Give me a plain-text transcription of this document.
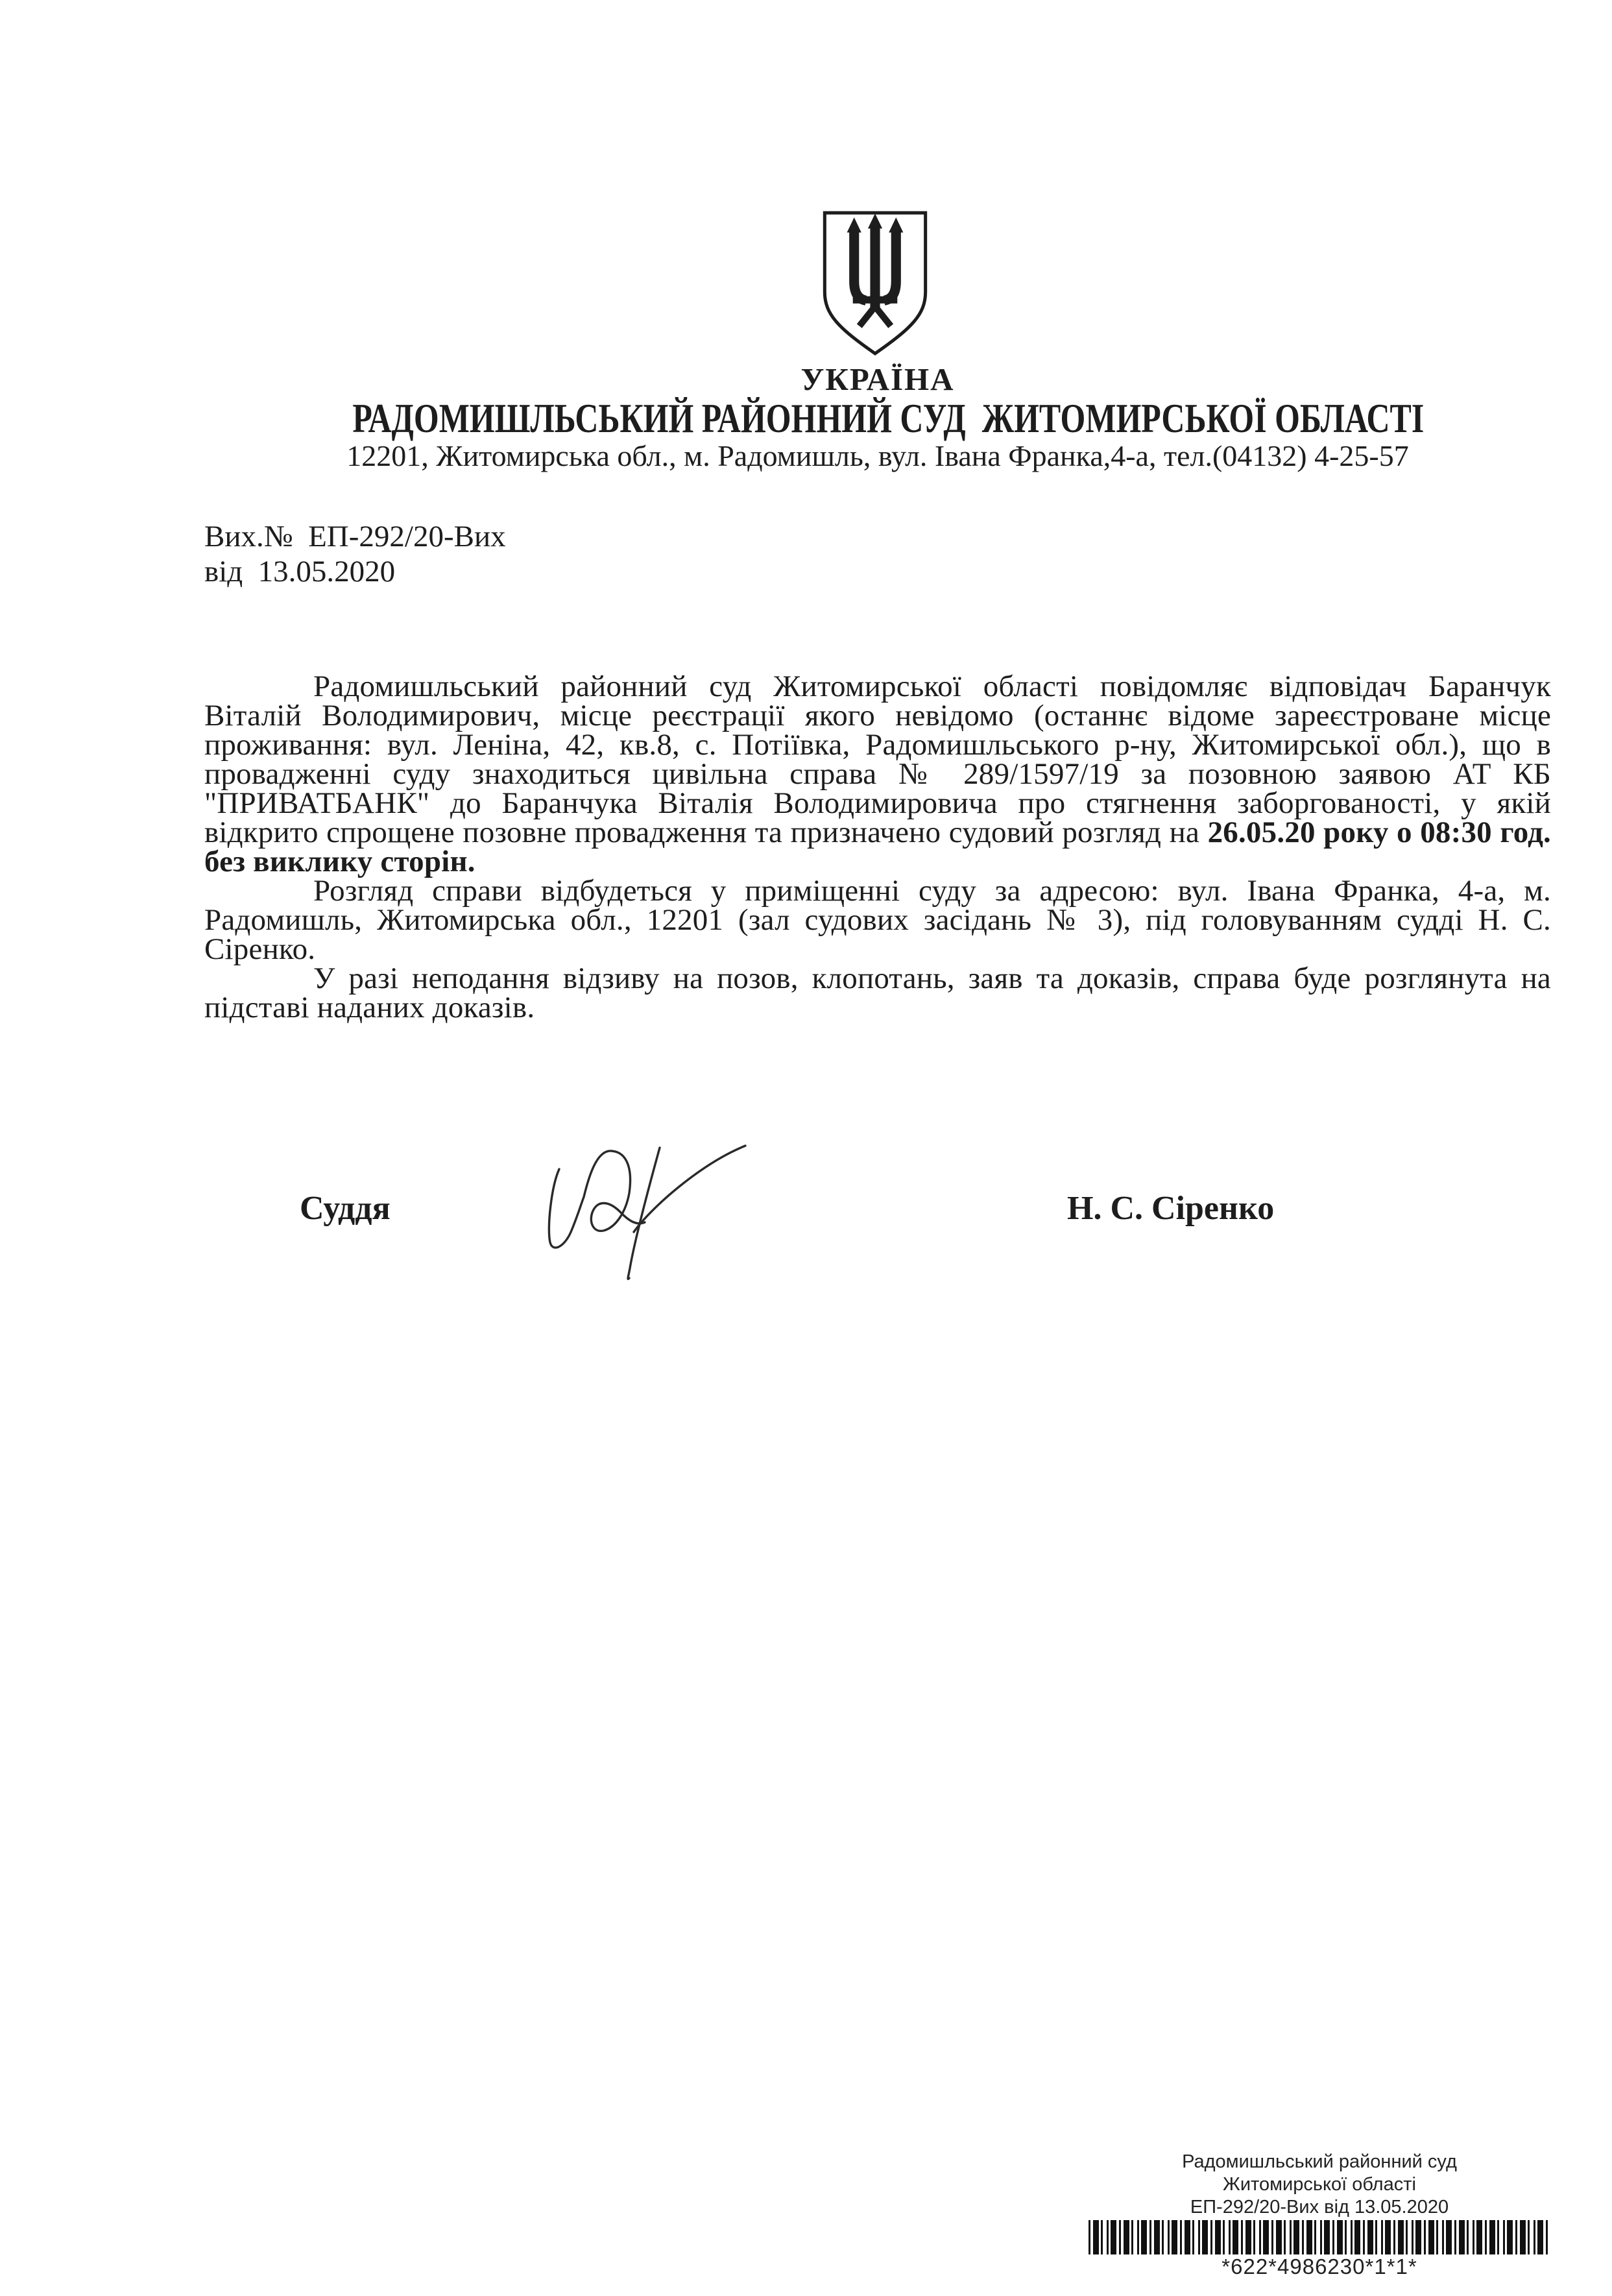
УКРАЇНА
РАДОМИШЛЬСЬКИЙ РАЙОННИЙ СУД  ЖИТОМИРСЬКОЇ ОБЛАСТІ
12201, Житомирська обл., м. Радомишль, вул. Івана Франка,4-а, тел.(04132) 4-25-57
Вих.№  ЕП-292/20-Вих
від  13.05.2020

Радомишльський районний суд Житомирської області повідомляє відповідач Баранчук Віталій Володимирович, місце реєстрації якого невідомо (останнє відоме зареєстроване місце проживання: вул. Леніна, 42, кв.8, с. Потіївка, Радомишльського р-ну, Житомирської обл.), що в провадженні суду знаходиться цивільна справа № 289/1597/19 за позовною заявою АТ КБ "ПРИВАТБАНК" до Баранчука Віталія Володимировича про стягнення заборгованості, у якій відкрито спрощене позовне провадження та призначено судовий розгляд на 26.05.20 року о 08:30 год. без виклику сторін.

Розгляд справи відбудеться у приміщенні суду за адресою: вул. Івана Франка, 4-а, м. Радомишль, Житомирська обл., 12201 (зал судових засідань № 3), під головуванням судді Н. С. Сіренко.

У разі неподання відзиву на позов, клопотань, заяв та доказів, справа буде розглянута на підставі наданих доказів.

Суддя	Н. С. Сіренко
Радомишльський районний суд
Житомирської області
ЕП-292/20-Вих від 13.05.2020
*622*4986230*1*1*
